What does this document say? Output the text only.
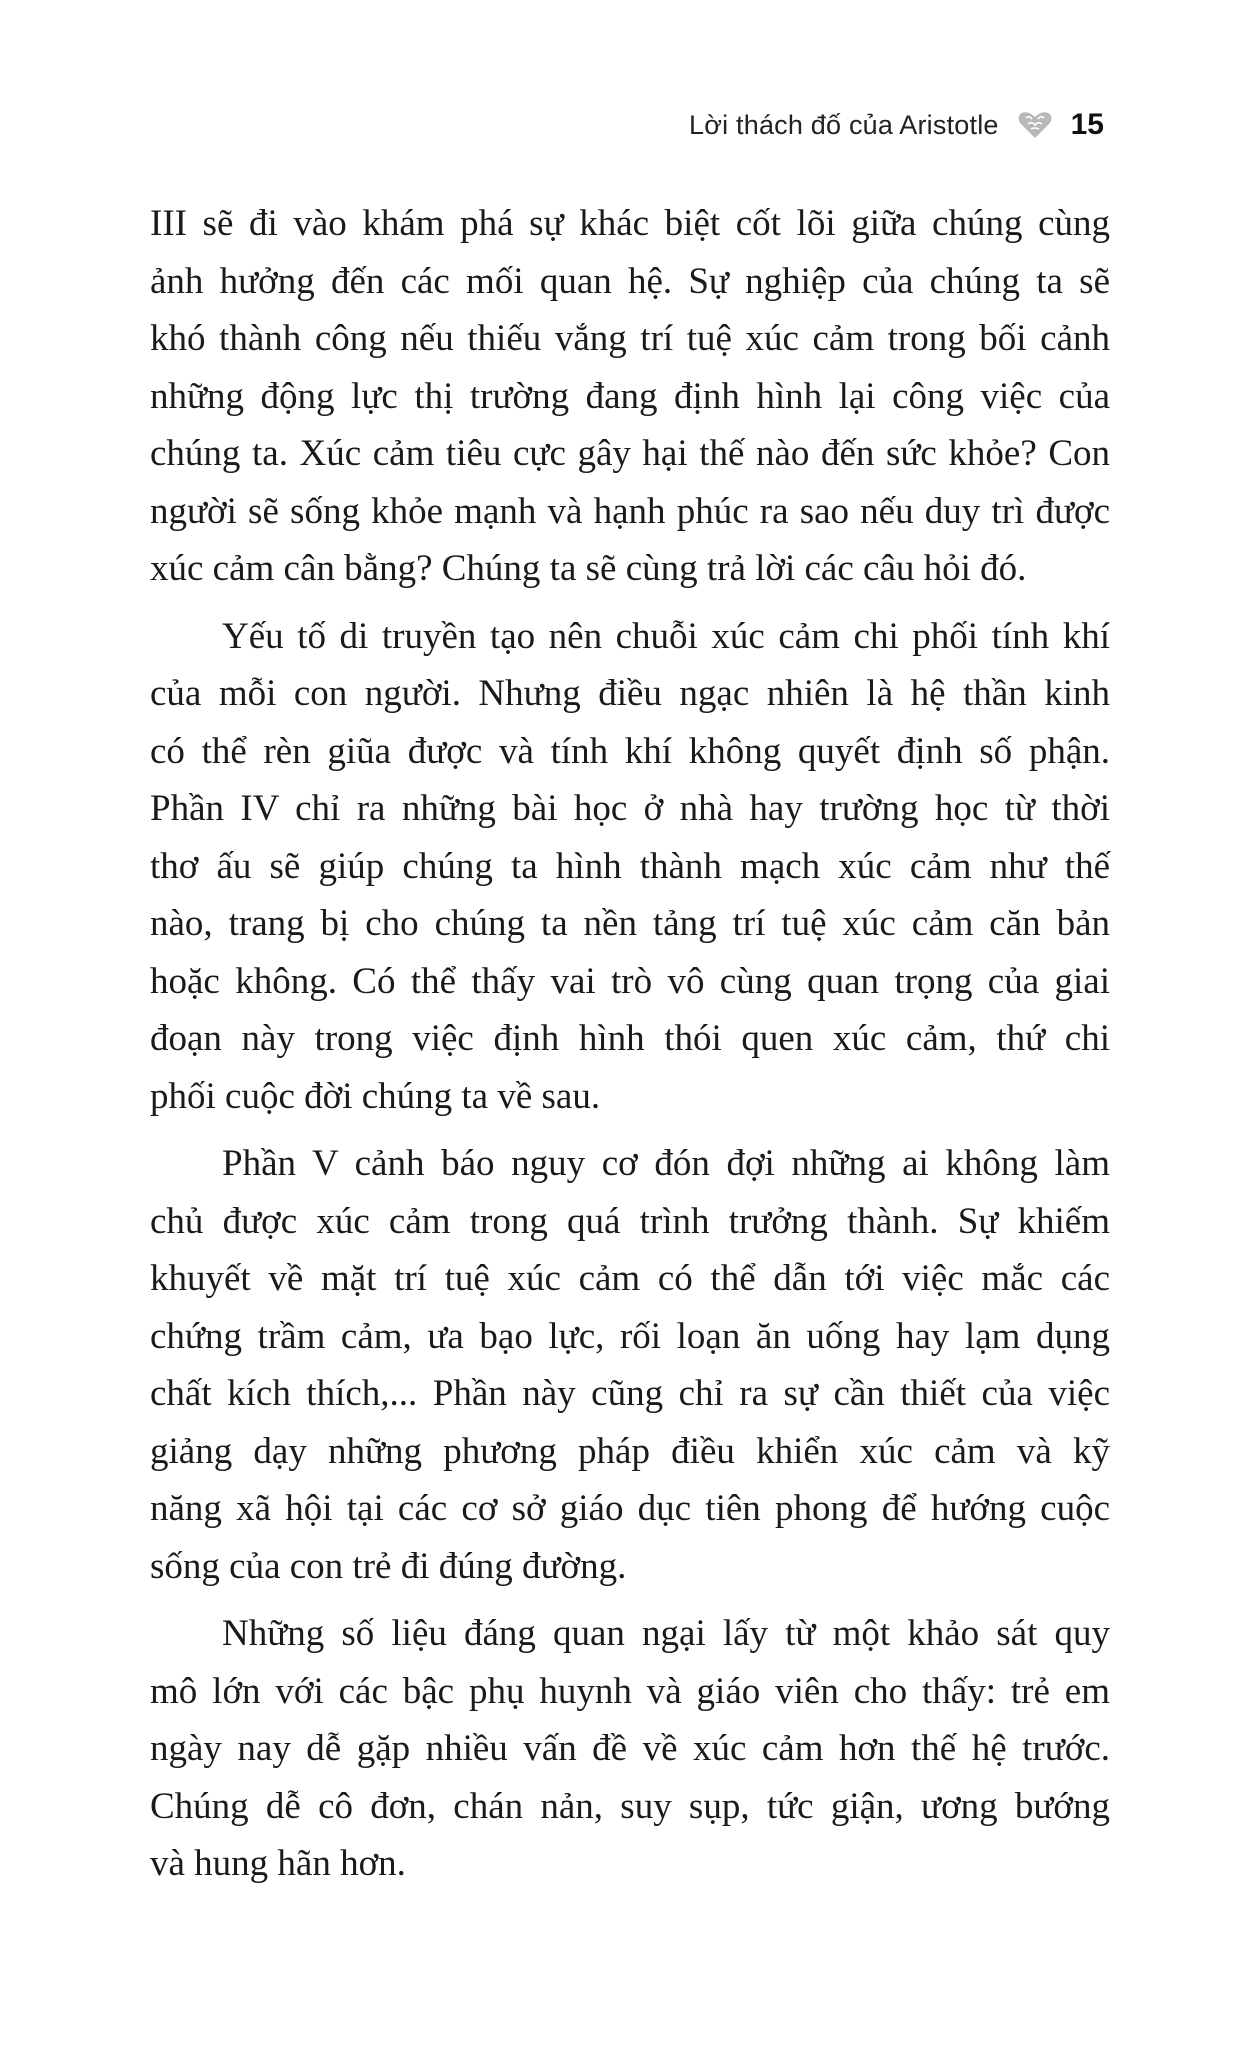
Lời thách đố của Aristotle 15
III sẽ đi vào khám phá sự khác biệt cốt lõi giữa chúng cùng
ảnh hưởng đến các mối quan hệ. Sự nghiệp của chúng ta sẽ
khó thành công nếu thiếu vắng trí tuệ xúc cảm trong bối cảnh
những động lực thị trường đang định hình lại công việc của
chúng ta. Xúc cảm tiêu cực gây hại thế nào đến sức khỏe? Con
người sẽ sống khỏe mạnh và hạnh phúc ra sao nếu duy trì được
xúc cảm cân bằng? Chúng ta sẽ cùng trả lời các câu hỏi đó.
Yếu tố di truyền tạo nên chuỗi xúc cảm chi phối tính khí
của mỗi con người. Nhưng điều ngạc nhiên là hệ thần kinh
có thể rèn giũa được và tính khí không quyết định số phận.
Phần IV chỉ ra những bài học ở nhà hay trường học từ thời
thơ ấu sẽ giúp chúng ta hình thành mạch xúc cảm như thế
nào, trang bị cho chúng ta nền tảng trí tuệ xúc cảm căn bản
hoặc không. Có thể thấy vai trò vô cùng quan trọng của giai
đoạn này trong việc định hình thói quen xúc cảm, thứ chi
phối cuộc đời chúng ta về sau.
Phần V cảnh báo nguy cơ đón đợi những ai không làm
chủ được xúc cảm trong quá trình trưởng thành. Sự khiếm
khuyết về mặt trí tuệ xúc cảm có thể dẫn tới việc mắc các
chứng trầm cảm, ưa bạo lực, rối loạn ăn uống hay lạm dụng
chất kích thích,... Phần này cũng chỉ ra sự cần thiết của việc
giảng dạy những phương pháp điều khiển xúc cảm và kỹ
năng xã hội tại các cơ sở giáo dục tiên phong để hướng cuộc
sống của con trẻ đi đúng đường.
Những số liệu đáng quan ngại lấy từ một khảo sát quy
mô lớn với các bậc phụ huynh và giáo viên cho thấy: trẻ em
ngày nay dễ gặp nhiều vấn đề về xúc cảm hơn thế hệ trước.
Chúng dễ cô đơn, chán nản, suy sụp, tức giận, ương bướng
và hung hãn hơn.
